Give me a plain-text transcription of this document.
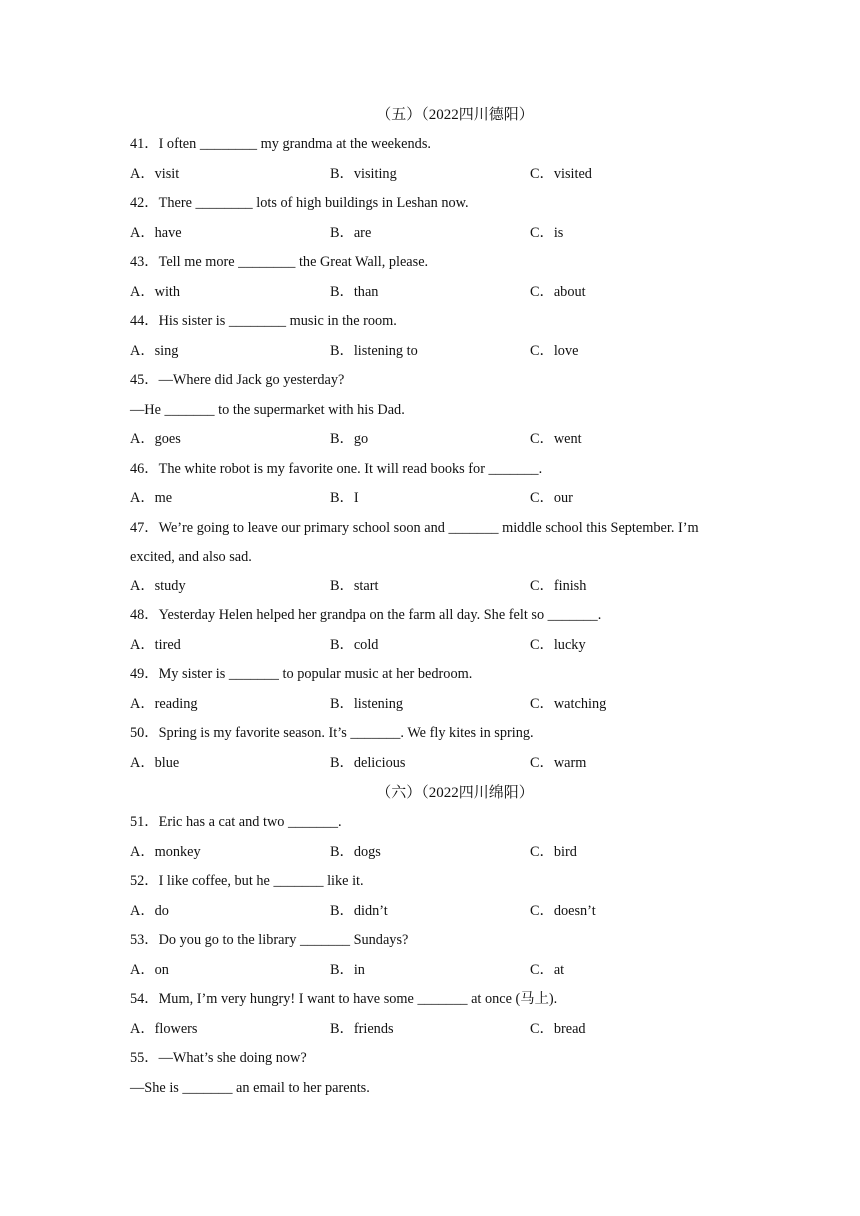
（五）（2022四川德阳）
41．I often ________ my grandma at the weekends.
A．visit	B．visiting	C．visited
42．There ________ lots of high buildings in Leshan now.
A．have	B．are	C．is
43．Tell me more ________ the Great Wall, please.
A．with	B．than	C．about
44．His sister is ________ music in the room.
A．sing	B．listening to	C．love
45．—Where did Jack go yesterday?
—He _______ to the supermarket with his Dad.
A．goes	B．go	C．went
46．The white robot is my favorite one. It will read books for _______.
A．me	B．I	C．our
47．We’re going to leave our primary school soon and _______ middle school this September. I’m excited, and also sad.
A．study	B．start	C．finish
48．Yesterday Helen helped her grandpa on the farm all day. She felt so _______.
A．tired	B．cold	C．lucky
49．My sister is _______ to popular music at her bedroom.
A．reading	B．listening	C．watching
50．Spring is my favorite season. It’s _______. We fly kites in spring.
A．blue	B．delicious	C．warm
（六）（2022四川绵阳）
51．Eric has a cat and two _______.
A．monkey	B．dogs	C．bird
52．I like coffee, but he _______ like it.
A．do	B．didn’t	C．doesn’t
53．Do you go to the library _______ Sundays?
A．on	B．in	C．at
54．Mum, I’m very hungry! I want to have some _______ at once (马上).
A．flowers	B．friends	C．bread
55．—What’s she doing now?
—She is _______ an email to her parents.
